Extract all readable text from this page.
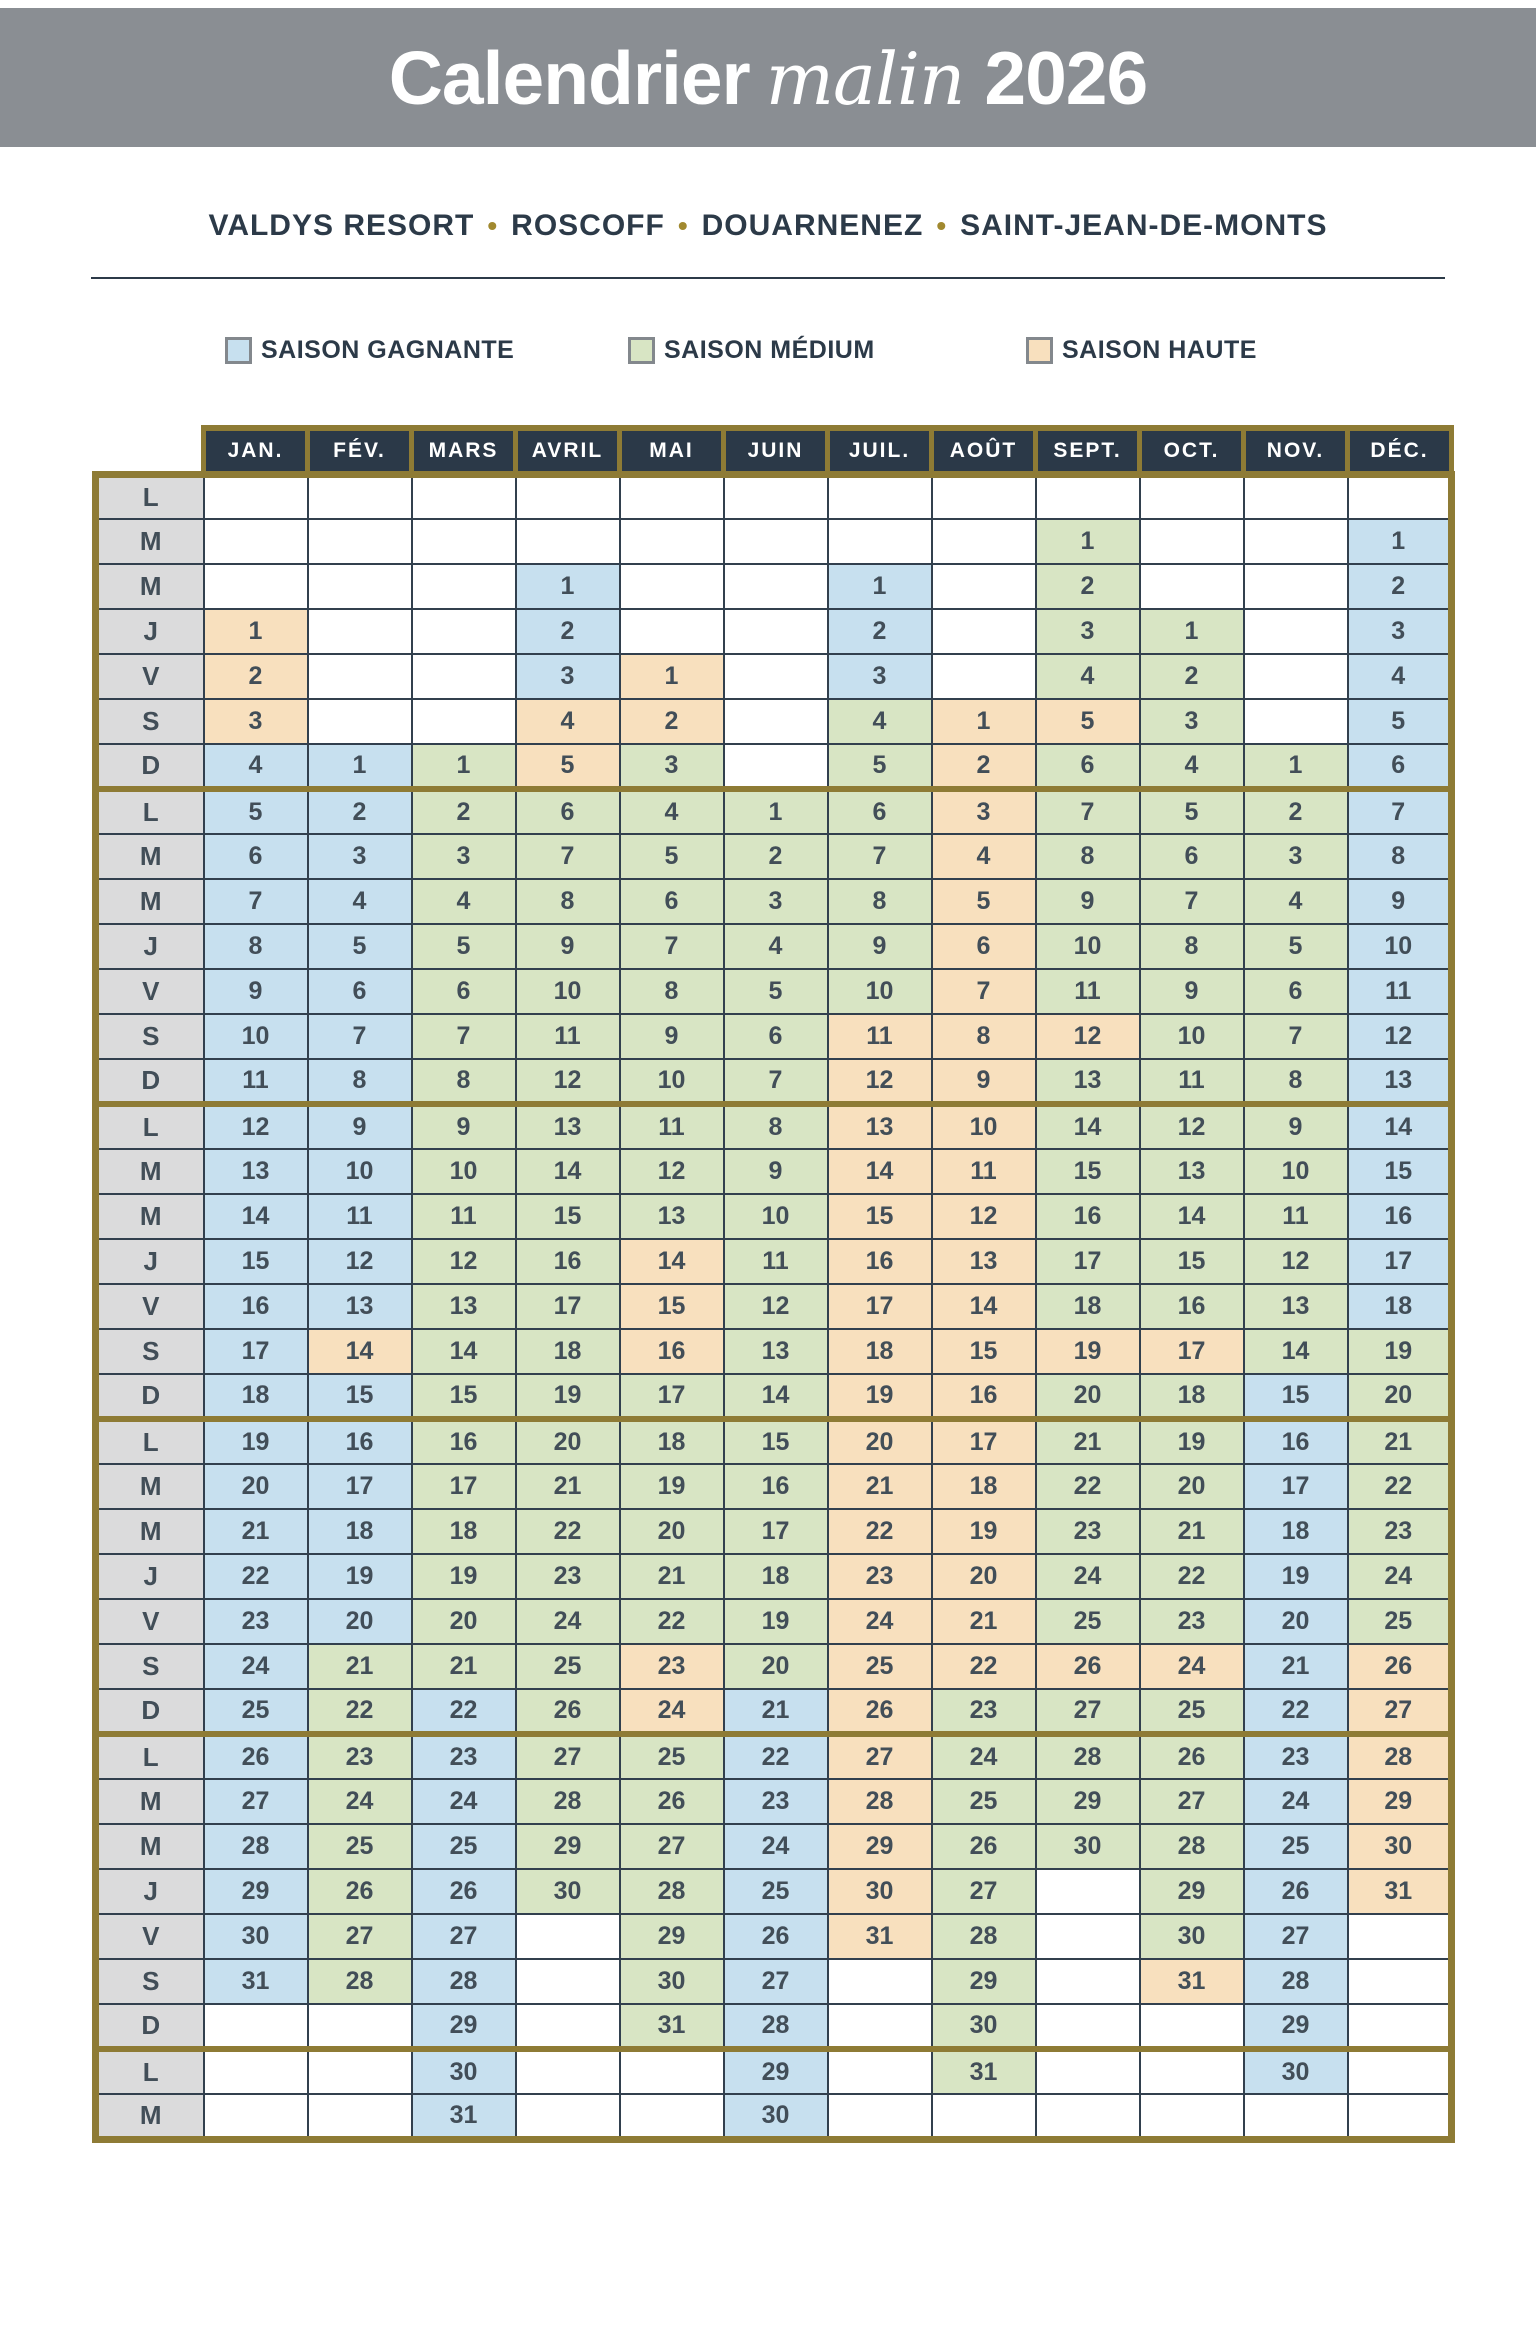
Calendrier malin 2026
VALDYS RESORT • ROSCOFF • DOUARNENEZ • SAINT-JEAN-DE-MONTS
SAISON GAGNANTE	SAISON MÉDIUM	SAISON HAUTE
	JAN.	FÉV.	MARS	AVRIL	MAI	JUIN	JUIL.	AOÛT	SEPT.	OCT.	NOV.	DÉC.
L												
M									1			1
M				1			1		2			2
J	1			2			2		3	1		3
V	2			3	1		3		4	2		4
S	3			4	2		4	1	5	3		5
D	4	1	1	5	3		5	2	6	4	1	6
L	5	2	2	6	4	1	6	3	7	5	2	7
M	6	3	3	7	5	2	7	4	8	6	3	8
M	7	4	4	8	6	3	8	5	9	7	4	9
J	8	5	5	9	7	4	9	6	10	8	5	10
V	9	6	6	10	8	5	10	7	11	9	6	11
S	10	7	7	11	9	6	11	8	12	10	7	12
D	11	8	8	12	10	7	12	9	13	11	8	13
L	12	9	9	13	11	8	13	10	14	12	9	14
M	13	10	10	14	12	9	14	11	15	13	10	15
M	14	11	11	15	13	10	15	12	16	14	11	16
J	15	12	12	16	14	11	16	13	17	15	12	17
V	16	13	13	17	15	12	17	14	18	16	13	18
S	17	14	14	18	16	13	18	15	19	17	14	19
D	18	15	15	19	17	14	19	16	20	18	15	20
L	19	16	16	20	18	15	20	17	21	19	16	21
M	20	17	17	21	19	16	21	18	22	20	17	22
M	21	18	18	22	20	17	22	19	23	21	18	23
J	22	19	19	23	21	18	23	20	24	22	19	24
V	23	20	20	24	22	19	24	21	25	23	20	25
S	24	21	21	25	23	20	25	22	26	24	21	26
D	25	22	22	26	24	21	26	23	27	25	22	27
L	26	23	23	27	25	22	27	24	28	26	23	28
M	27	24	24	28	26	23	28	25	29	27	24	29
M	28	25	25	29	27	24	29	26	30	28	25	30
J	29	26	26	30	28	25	30	27		29	26	31
V	30	27	27		29	26	31	28		30	27	
S	31	28	28		30	27		29		31	28	
D			29		31	28		30			29	
L			30			29		31			30	
M			31			30						
